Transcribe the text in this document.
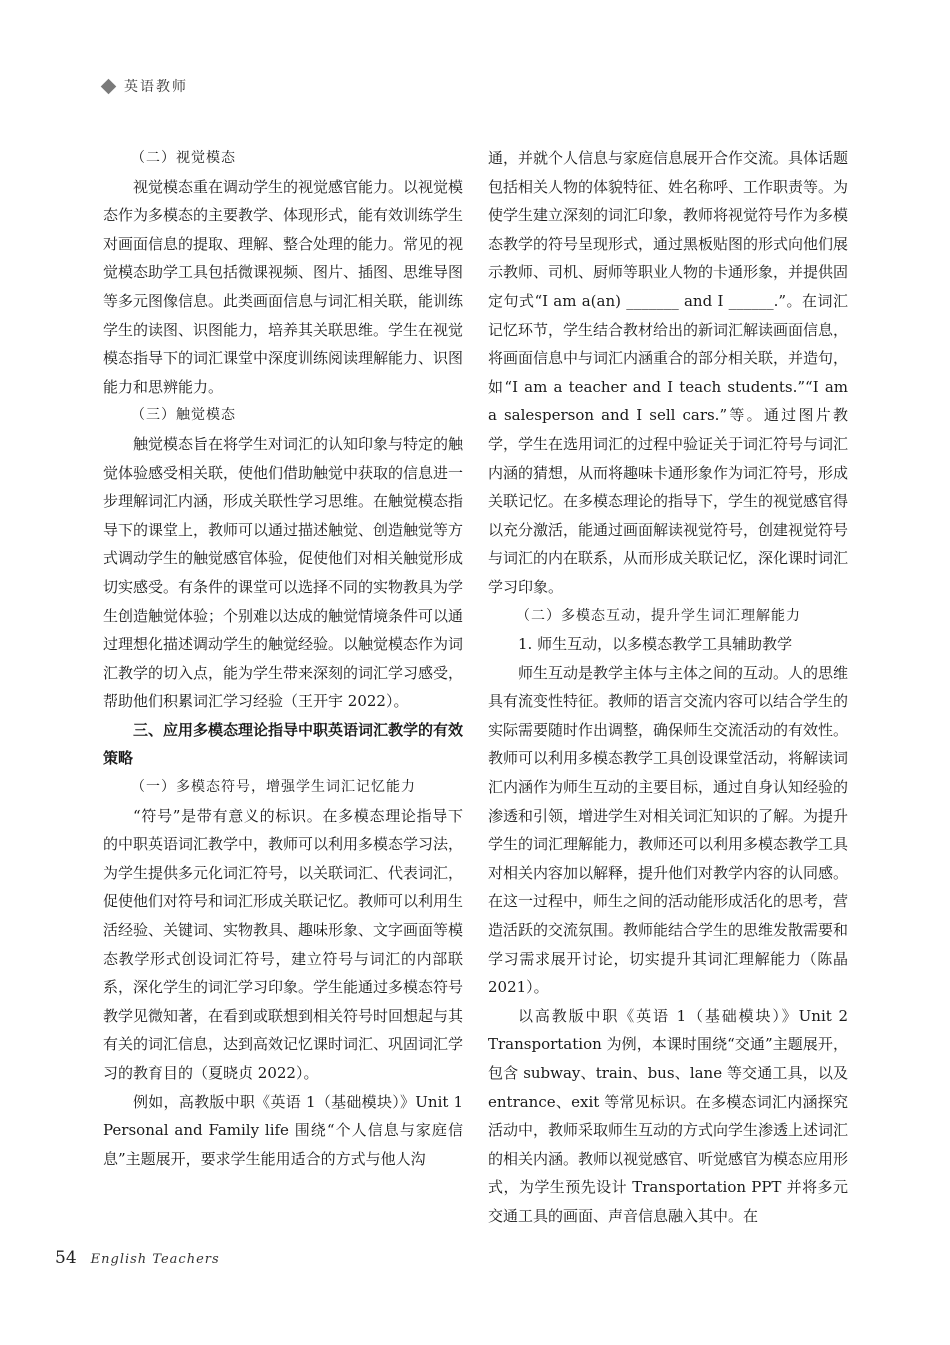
英语教师

（二）视觉模态

视觉模态重在调动学生的视觉感官能力。以视觉模态作为多模态的主要教学、体现形式，能有效训练学生对画面信息的提取、理解、整合处理的能力。常见的视觉模态助学工具包括微课视频、图片、插图、思维导图等多元图像信息。此类画面信息与词汇相关联，能训练学生的读图、识图能力，培养其关联思维。学生在视觉模态指导下的词汇课堂中深度训练阅读理解能力、识图能力和思辨能力。

（三）触觉模态

触觉模态旨在将学生对词汇的认知印象与特定的触觉体验感受相关联，使他们借助触觉中获取的信息进一步理解词汇内涵，形成关联性学习思维。在触觉模态指导下的课堂上，教师可以通过描述触觉、创造触觉等方式调动学生的触觉感官体验，促使他们对相关触觉形成切实感受。有条件的课堂可以选择不同的实物教具为学生创造触觉体验；个别难以达成的触觉情境条件可以通过理想化描述调动学生的触觉经验。以触觉模态作为词汇教学的切入点，能为学生带来深刻的词汇学习感受，帮助他们积累词汇学习经验（王开宇 2022）。

三、应用多模态理论指导中职英语词汇教学的有效策略

（一）多模态符号，增强学生词汇记忆能力

“符号”是带有意义的标识。在多模态理论指导下的中职英语词汇教学中，教师可以利用多模态学习法，为学生提供多元化词汇符号，以关联词汇、代表词汇，促使他们对符号和词汇形成关联记忆。教师可以利用生活经验、关键词、实物教具、趣味形象、文字画面等模态教学形式创设词汇符号，建立符号与词汇的内部联系，深化学生的词汇学习印象。学生能通过多模态符号教学见微知著，在看到或联想到相关符号时回想起与其有关的词汇信息，达到高效记忆课时词汇、巩固词汇学习的教育目的（夏晓贞 2022）。

例如，高教版中职《英语 1（基础模块）》Unit 1 Personal and Family life 围绕“个人信息与家庭信息”主题展开，要求学生能用适合的方式与他人沟

通，并就个人信息与家庭信息展开合作交流。具体话题包括相关人物的体貌特征、姓名称呼、工作职责等。为使学生建立深刻的词汇印象，教师将视觉符号作为多模态教学的符号呈现形式，通过黑板贴图的形式向他们展示教师、司机、厨师等职业人物的卡通形象，并提供固定句式“I am a(an) _______ and I ______.”。在词汇记忆环节，学生结合教材给出的新词汇解读画面信息，将画面信息中与词汇内涵重合的部分相关联，并造句，如“I am a teacher and I teach students.”“I am a salesperson and I sell cars.”等。通过图片教学，学生在选用词汇的过程中验证关于词汇符号与词汇内涵的猜想，从而将趣味卡通形象作为词汇符号，形成关联记忆。在多模态理论的指导下，学生的视觉感官得以充分激活，能通过画面解读视觉符号，创建视觉符号与词汇的内在联系，从而形成关联记忆，深化课时词汇学习印象。

（二）多模态互动，提升学生词汇理解能力

1. 师生互动，以多模态教学工具辅助教学

师生互动是教学主体与主体之间的互动。人的思维具有流变性特征。教师的语言交流内容可以结合学生的实际需要随时作出调整，确保师生交流活动的有效性。教师可以利用多模态教学工具创设课堂活动，将解读词汇内涵作为师生互动的主要目标，通过自身认知经验的渗透和引领，增进学生对相关词汇知识的了解。为提升学生的词汇理解能力，教师还可以利用多模态教学工具对相关内容加以解释，提升他们对教学内容的认同感。在这一过程中，师生之间的活动能形成活化的思考，营造活跃的交流氛围。教师能结合学生的思维发散需要和学习需求展开讨论，切实提升其词汇理解能力（陈晶 2021）。

以高教版中职《英语 1（基础模块）》Unit 2 Transportation 为例，本课时围绕“交通”主题展开，包含 subway、train、bus、lane 等交通工具，以及 entrance、exit 等常见标识。在多模态词汇内涵探究活动中，教师采取师生互动的方式向学生渗透上述词汇的相关内涵。教师以视觉感官、听觉感官为模态应用形式，为学生预先设计 Transportation PPT 并将多元交通工具的画面、声音信息融入其中。在

54 English Teachers
